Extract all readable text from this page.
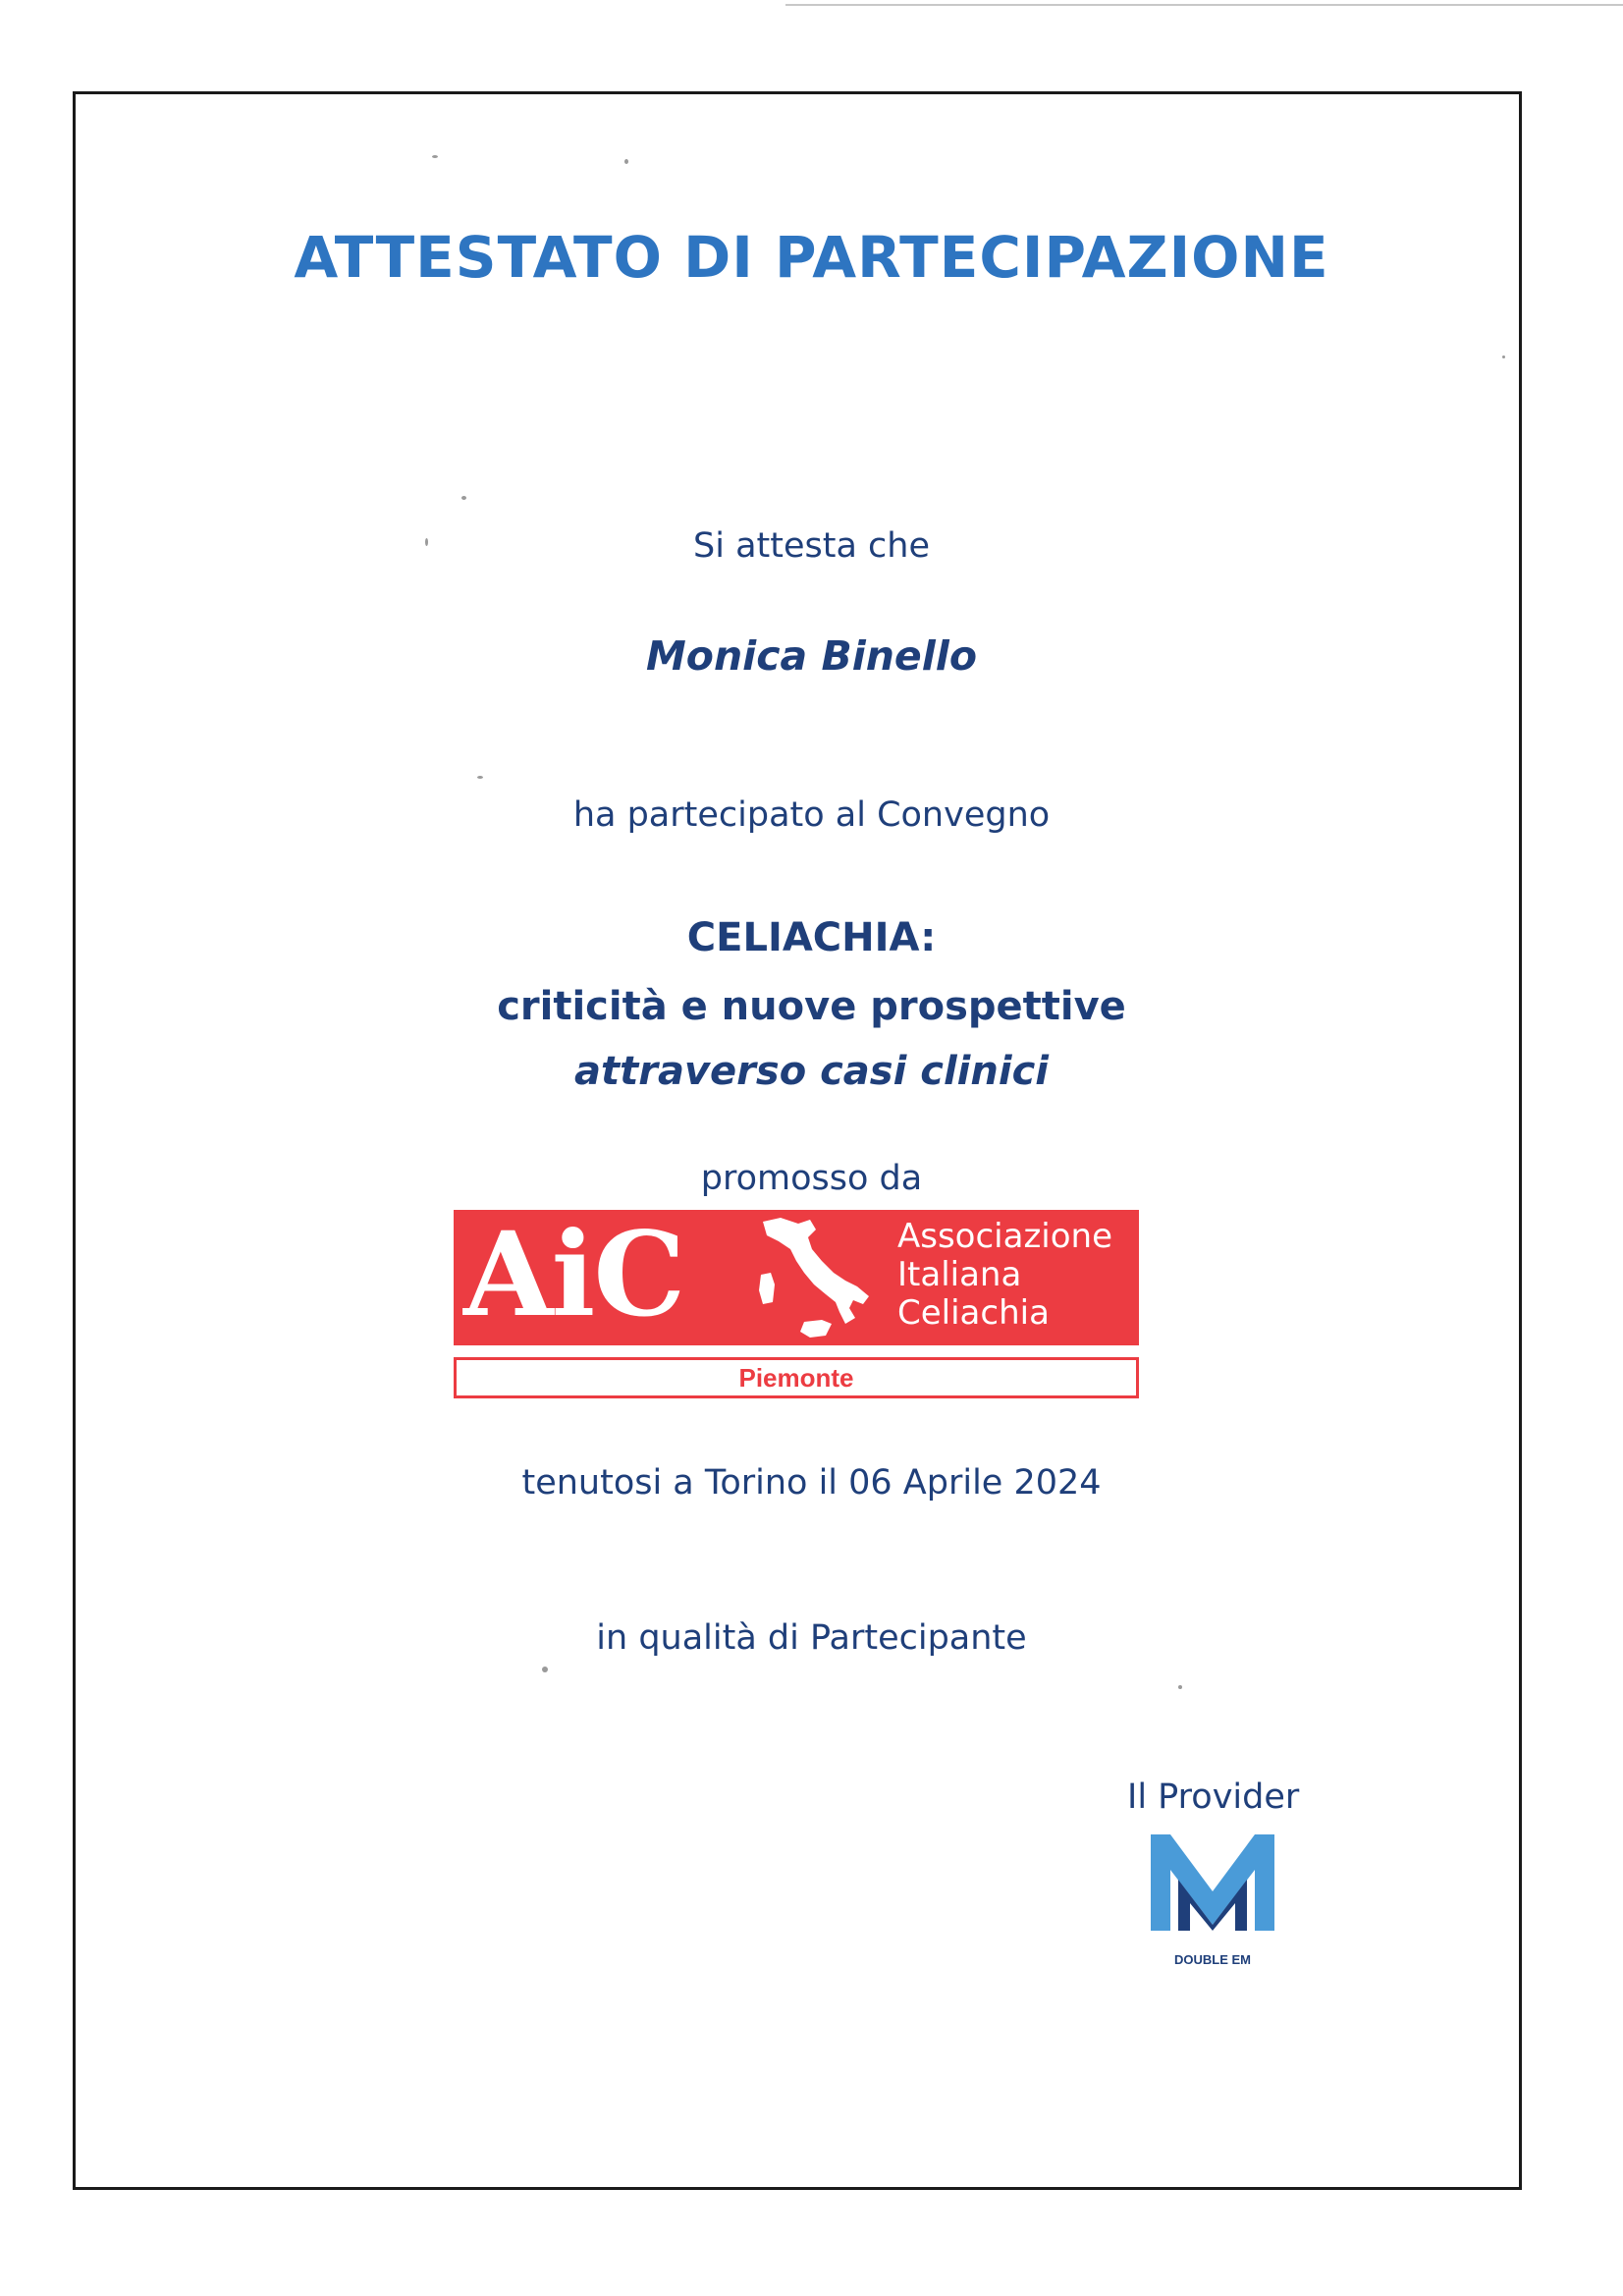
ATTESTATO DI PARTECIPAZIONE
Si attesta che
Monica Binello
ha partecipato al Convegno
CELIACHIA:
criticità e nuove prospettive
attraverso casi clinici
promosso da
AiC	Associazione
Italiana
Celiachia
Piemonte
tenutosi a Torino il 06 Aprile 2024
in qualità di Partecipante
Il Provider
DOUBLE EM
